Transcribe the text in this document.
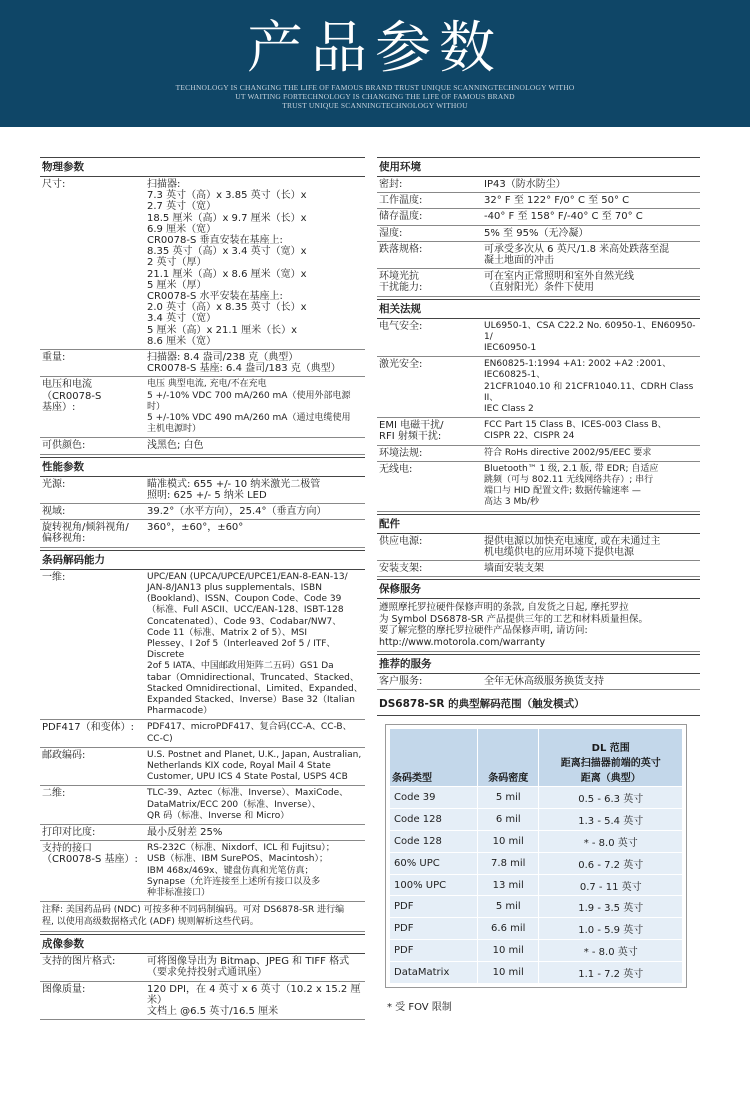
产品参数
TECHNOLOGY IS CHANGING THE LIFE OF FAMOUS BRAND TRUST UNIQUE SCANNINGTECHNOLOGY WITHO
UT WAITING FORTECHNOLOGY IS CHANGING THE LIFE OF FAMOUS BRAND
TRUST UNIQUE SCANNINGTECHNOLOGY WITHOU
物理参数
尺寸:	扫描器:
7.3 英寸（高）x 3.85 英寸（长）x
2.7 英寸（宽）
18.5 厘米（高）x 9.7 厘米（长）x
6.9 厘米（宽）
CR0078-S 垂直安装在基座上:
8.35 英寸（高）x 3.4 英寸（宽）x
2 英寸（厚）
21.1 厘米（高）x 8.6 厘米（宽）x
5 厘米（厚）
CR0078-S 水平安装在基座上:
2.0 英寸（高）x 8.35 英寸（长）x
3.4 英寸（宽）
5 厘米（高）x 21.1 厘米（长）x
8.6 厘米（宽）
重量:	扫描器: 8.4 盎司/238 克（典型）
CR0078-S 基座: 6.4 盎司/183 克（典型）
电压和电流
（CR0078-S
基座）:
电压 典型电流, 充电/不在充电
5 +/-10% VDC 700 mA/260 mA（使用外部电源时）
5 +/-10% VDC 490 mA/260 mA（通过电缆使用
主机电源时）
可供颜色:	浅黑色; 白色
性能参数
光源:	瞄准模式: 655 +/- 10 纳米激光二极管
照明: 625 +/- 5 纳米 LED
视域:	39.2°（水平方向），25.4°（垂直方向）
旋转视角/倾斜视角/
偏移视角:
360°，±60°，±60°
条码解码能力
一维:	UPC/EAN (UPCA/UPCE/UPCE1/EAN-8-EAN-13/
JAN-8/JAN13 plus supplementals、ISBN
(Bookland)、ISSN、Coupon Code、Code 39
（标准、Full ASCII、UCC/EAN-128、ISBT-128
Concatenated）、Code 93、Codabar/NW7、
Code 11（标准、Matrix 2 of 5）、MSI
Plessey、I 2of 5（Interleaved 2of 5 / ITF、Discrete
2of 5 IATA、中国邮政用矩阵二五码）GS1 Da
tabar（Omnidirectional、Truncated、Stacked、
Stacked Omnidirectional、Limited、Expanded、
Expanded Stacked、Inverse）Base 32（Italian
Pharmacode）
PDF417（和变体）:	PDF417、microPDF417、复合码(CC-A、CC-B、
CC-C)
邮政编码:	U.S. Postnet and Planet, U.K., Japan, Australian,
Netherlands KIX code, Royal Mail 4 State
Customer, UPU ICS 4 State Postal, USPS 4CB
二维:	TLC-39、Aztec（标准、Inverse）、MaxiCode、
DataMatrix/ECC 200（标准、Inverse）、
QR 码（标准、Inverse 和 Micro）
打印对比度:	最小反射差 25%
支持的接口
（CR0078-S 基座）:
RS-232C（标准、Nixdorf、ICL 和 Fujitsu）；
USB（标准、IBM SurePOS、Macintosh）；
IBM 468x/469x、键盘仿真和光笔仿真；
Synapse（允许连接至上述所有接口以及多
种非标准接口）
注释: 美国药品码 (NDC) 可按多种不同码制编码。可对 DS6878-SR 进行编
程, 以使用高级数据格式化 (ADF) 规则解析这些代码。
成像参数
支持的图片格式:	可将图像导出为 Bitmap、JPEG 和 TIFF 格式
（要求免持投射式通讯座）
图像质量:	120 DPI，在 4 英寸 x 6 英寸（10.2 x 15.2 厘米）
文档上 @6.5 英寸/16.5 厘米
使用环境
密封:	IP43（防水防尘）
工作温度:	32° F 至 122° F/0° C 至 50° C
储存温度:	-40° F 至 158° F/-40° C 至 70° C
湿度:	5% 至 95%（无冷凝）
跌落规格:	可承受多次从 6 英尺/1.8 米高处跌落至混
凝土地面的冲击
环境光抗
干扰能力:
可在室内正常照明和室外自然光线
（直射阳光）条件下使用
相关法规
电气安全:	UL6950-1、CSA C22.2 No. 60950-1、EN60950-1/
IEC60950-1
激光安全:	EN60825-1:1994 +A1: 2002 +A2 :2001、IEC60825-1、
21CFR1040.10 和 21CFR1040.11、CDRH Class II、
IEC Class 2
EMI 电磁干扰/
RFI 射频干扰:
FCC Part 15 Class B、ICES-003 Class B、
CISPR 22、CISPR 24
环境法规:	符合 RoHs directive 2002/95/EEC 要求
无线电:	Bluetooth™ 1 级, 2.1 版, 带 EDR; 自适应
跳频（可与 802.11 无线网络共存）; 串行
端口与 HID 配置文件; 数据传输速率 —
高达 3 Mb/秒
配件
供应电源:	提供电源以加快充电速度, 或在未通过主
机电缆供电的应用环境下提供电源
安装支架:	墙面安装支架
保修服务
遵照摩托罗拉硬件保修声明的条款, 自发货之日起, 摩托罗拉
为 Symbol DS6878-SR 产品提供三年的工艺和材料质量担保。
要了解完整的摩托罗拉硬件产品保修声明, 请访问:
http://www.motorola.com/warranty
推荐的服务
客户服务:	全年无休高级服务换货支持
DS6878-SR 的典型解码范围（触发模式）
条码类型	条码密度	DL 范围
距离扫描器前端的英寸
距离（典型）
Code 39	5 mil	0.5 - 6.3 英寸
Code 128	6 mil	1.3 - 5.4 英寸
Code 128	10 mil	* - 8.0 英寸
60% UPC	7.8 mil	0.6 - 7.2 英寸
100% UPC	13 mil	0.7 - 11 英寸
PDF	5 mil	1.9 - 3.5 英寸
PDF	6.6 mil	1.0 - 5.9 英寸
PDF	10 mil	* - 8.0 英寸
DataMatrix	10 mil	1.1 - 7.2 英寸
* 受 FOV 限制
